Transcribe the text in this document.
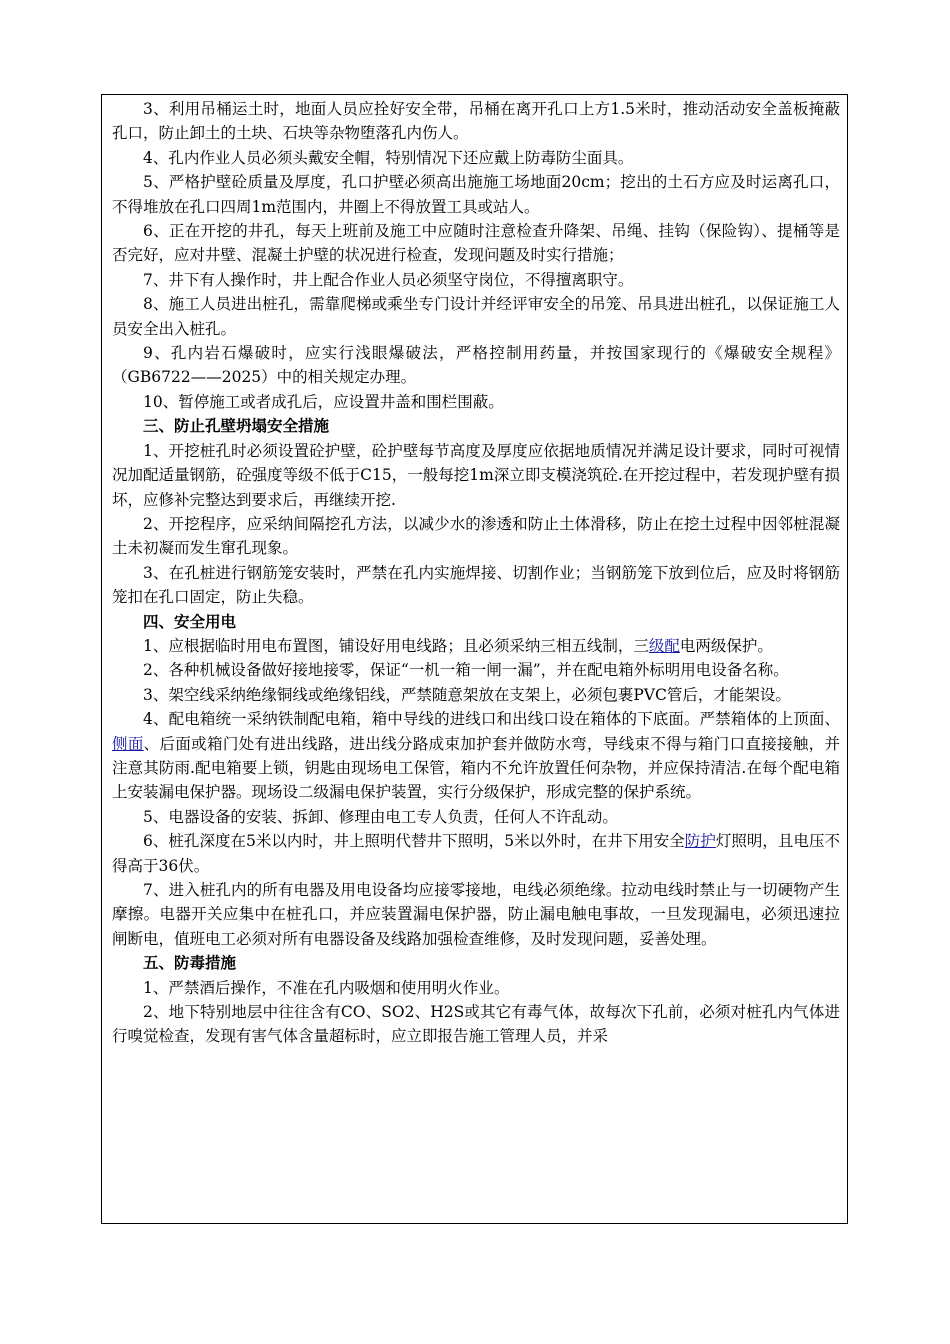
3、利用吊桶运土时，地面人员应拴好安全带，吊桶在离开孔口上方1.5米时，推动活动安全盖板掩蔽孔口，防止卸土的土块、石块等杂物堕落孔内伤人。

4、孔内作业人员必须头戴安全帽，特别情况下还应戴上防毒防尘面具。

5、严格护壁砼质量及厚度，孔口护壁必须高出施施工场地面20cm；挖出的土石方应及时运离孔口，不得堆放在孔口四周1m范围内，井圈上不得放置工具或站人。

6、正在开挖的井孔，每天上班前及施工中应随时注意检查升降架、吊绳、挂钩（保险钩）、提桶等是否完好，应对井壁、混凝土护壁的状况进行检查，发现问题及时实行措施；

7、井下有人操作时，井上配合作业人员必须坚守岗位，不得擅离职守。

8、施工人员进出桩孔，需靠爬梯或乘坐专门设计并经评审安全的吊笼、吊具进出桩孔，以保证施工人员安全出入桩孔。

9、孔内岩石爆破时，应实行浅眼爆破法，严格控制用药量，并按国家现行的《爆破安全规程》（GB6722——2025）中的相关规定办理。

10、暂停施工或者成孔后，应设置井盖和围栏围蔽。

三、防止孔壁坍塌安全措施

1、开挖桩孔时必须设置砼护壁，砼护壁每节高度及厚度应依据地质情况并满足设计要求，同时可视情况加配适量钢筋，砼强度等级不低于C15，一般每挖1m深立即支模浇筑砼.在开挖过程中，若发现护壁有损坏，应修补完整达到要求后，再继续开挖.

2、开挖程序，应采纳间隔挖孔方法，以减少水的渗透和防止土体滑移，防止在挖土过程中因邻桩混凝土未初凝而发生窜孔现象。

3、在孔桩进行钢筋笼安装时，严禁在孔内实施焊接、切割作业；当钢筋笼下放到位后，应及时将钢筋笼扣在孔口固定，防止失稳。

四、安全用电

1、应根据临时用电布置图，铺设好用电线路；且必须采纳三相五线制，三级配电两级保护。

2、各种机械设备做好接地接零，保证“一机一箱一闸一漏”，并在配电箱外标明用电设备名称。

3、架空线采纳绝缘铜线或绝缘铝线，严禁随意架放在支架上，必须包裹PVC管后，才能架设。

4、配电箱统一采纳铁制配电箱，箱中导线的进线口和出线口设在箱体的下底面。严禁箱体的上顶面、侧面、后面或箱门处有进出线路，进出线分路成束加护套并做防水弯，导线束不得与箱门口直接接触，并注意其防雨.配电箱要上锁，钥匙由现场电工保管，箱内不允许放置任何杂物，并应保持清洁.在每个配电箱上安装漏电保护器。现场设二级漏电保护装置，实行分级保护，形成完整的保护系统。

5、电器设备的安装、拆卸、修理由电工专人负责，任何人不许乱动。

6、桩孔深度在5米以内时，井上照明代替井下照明，5米以外时，在井下用安全防护灯照明，且电压不得高于36伏。

7、进入桩孔内的所有电器及用电设备均应接零接地，电线必须绝缘。拉动电线时禁止与一切硬物产生摩擦。电器开关应集中在桩孔口，并应装置漏电保护器，防止漏电触电事故，一旦发现漏电，必须迅速拉闸断电，值班电工必须对所有电器设备及线路加强检查维修，及时发现问题，妥善处理。

五、防毒措施

1、严禁酒后操作，不准在孔内吸烟和使用明火作业。

2、地下特别地层中往往含有CO、SO2、H2S或其它有毒气体，故每次下孔前，必须对桩孔内气体进行嗅觉检查，发现有害气体含量超标时，应立即报告施工管理人员，并采
